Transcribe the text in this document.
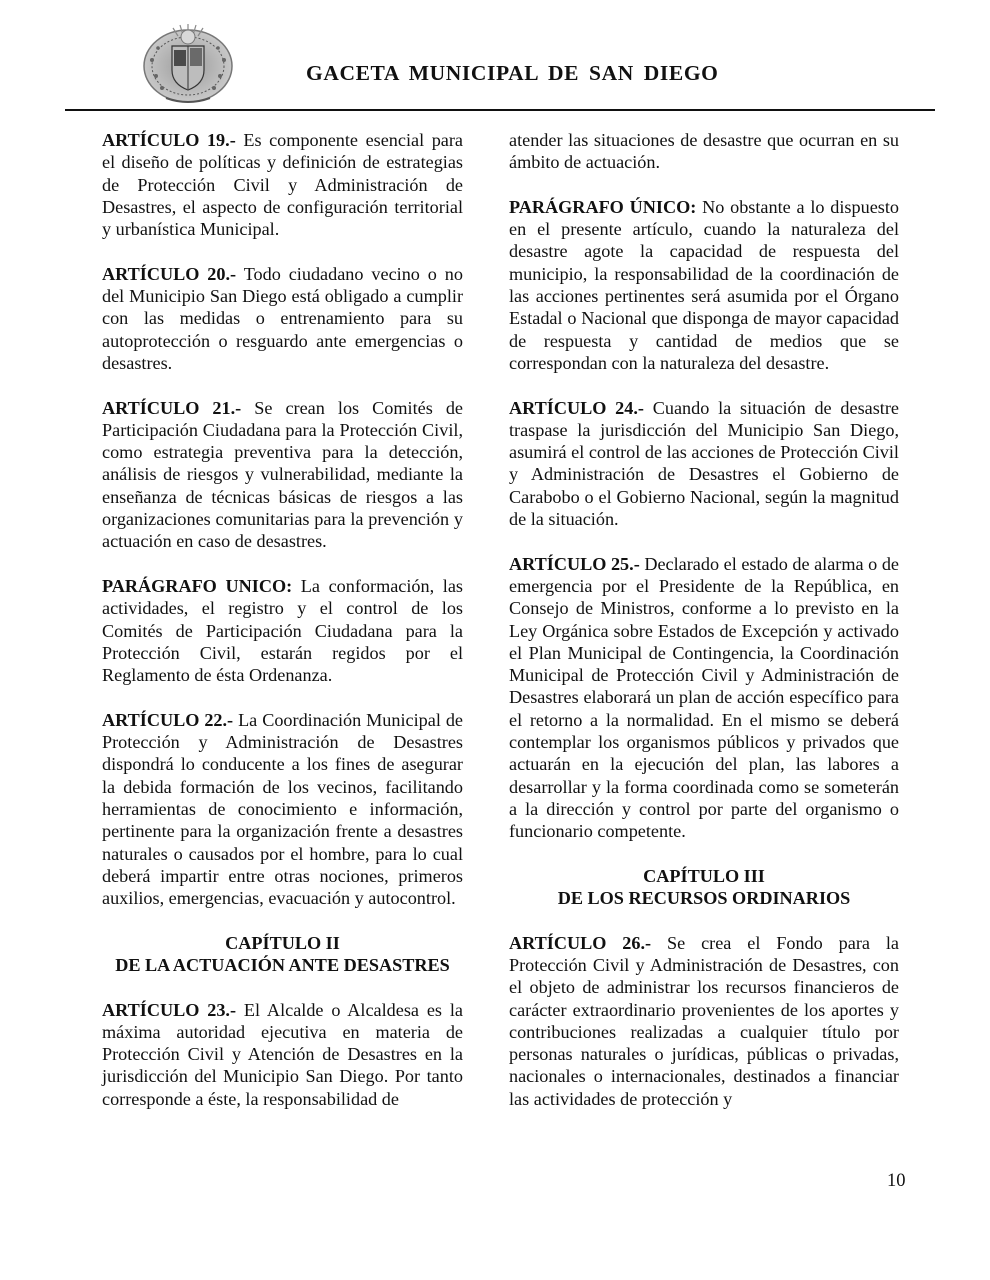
GACETA MUNICIPAL DE SAN DIEGO

ARTÍCULO 19.- Es componente esencial para el diseño de políticas y definición de estrategias de Protección Civil y Administración de Desastres, el aspecto de configuración territorial y urbanística Municipal.

ARTÍCULO 20.- Todo ciudadano vecino o no del Municipio San Diego está obligado a cumplir con las medidas o entrenamiento para su autoprotección o resguardo ante emergencias o desastres.

ARTÍCULO 21.- Se crean los Comités de Participación Ciudadana para la Protección Civil, como estrategia preventiva para la detección, análisis de riesgos y vulnerabilidad, mediante la enseñanza de técnicas básicas de riesgos a las organizaciones comunitarias para la prevención y actuación en caso de desastres.

PARÁGRAFO UNICO: La conformación, las actividades, el registro y el control de los Comités de Participación Ciudadana para la Protección Civil, estarán regidos por el Reglamento de ésta Ordenanza.

ARTÍCULO 22.- La Coordinación Municipal de Protección y Administración de Desastres dispondrá lo conducente a los fines de asegurar la debida formación de los vecinos, facilitando herramientas de conocimiento e información, pertinente para la organización frente a desastres naturales o causados por el hombre, para lo cual deberá impartir entre otras nociones, primeros auxilios, emergencias, evacuación y autocontrol.

CAPÍTULO II
DE LA ACTUACIÓN ANTE DESASTRES

ARTÍCULO 23.- El Alcalde o Alcaldesa es la máxima autoridad ejecutiva en materia de Protección Civil y Atención de Desastres en la jurisdicción del Municipio San Diego. Por tanto corresponde a éste, la responsabilidad de

atender las situaciones de desastre que ocurran en su ámbito de actuación.

PARÁGRAFO ÚNICO: No obstante a lo dispuesto en el presente artículo, cuando la naturaleza del desastre agote la capacidad de respuesta del municipio, la responsabilidad de la coordinación de las acciones pertinentes será asumida por el Órgano Estadal o Nacional que disponga de mayor capacidad de respuesta y cantidad de medios que se correspondan con la naturaleza del desastre.

ARTÍCULO 24.- Cuando la situación de desastre traspase la jurisdicción del Municipio San Diego, asumirá el control de las acciones de Protección Civil y Administración de Desastres el Gobierno de Carabobo o el Gobierno Nacional, según la magnitud de la situación.

ARTÍCULO 25.- Declarado el estado de alarma o de emergencia por el Presidente de la República, en Consejo de Ministros, conforme a lo previsto en la Ley Orgánica sobre Estados de Excepción y activado el Plan Municipal de Contingencia, la Coordinación Municipal de Protección Civil y Administración de Desastres elaborará un plan de acción específico para el retorno a la normalidad. En el mismo se deberá contemplar los organismos públicos y privados que actuarán en la ejecución del plan, las labores a desarrollar y la forma coordinada como se someterán a la dirección y control por parte del organismo o funcionario competente.

CAPÍTULO III
DE LOS RECURSOS ORDINARIOS

ARTÍCULO 26.- Se crea el Fondo para la Protección Civil y Administración de Desastres, con el objeto de administrar los recursos financieros de carácter extraordinario provenientes de los aportes y contribuciones realizadas a cualquier título por personas naturales o jurídicas, públicas o privadas, nacionales o internacionales, destinados a financiar las actividades de protección y

10
